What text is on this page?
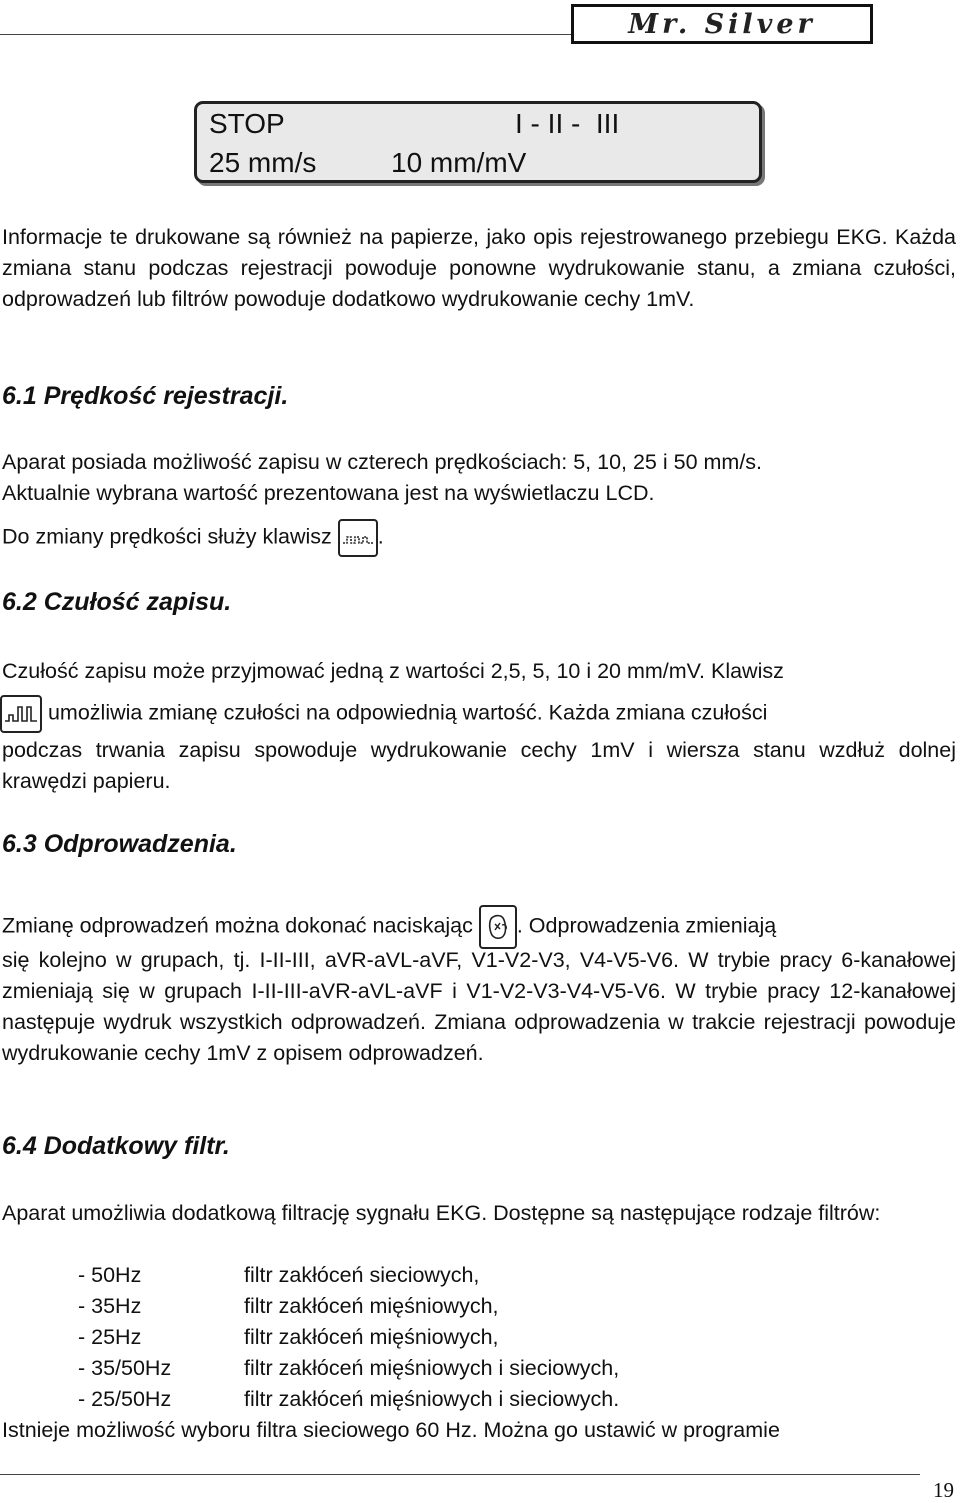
Mr. Silver
STOP	I - II -  III
25 mm/s	10 mm/mV

Informacje te drukowane są również na papierze, jako opis rejestrowanego przebiegu EKG. Każda zmiana stanu podczas rejestracji powoduje ponowne wydrukowanie stanu, a zmiana czułości, odprowadzeń lub filtrów powoduje dodatkowo wydrukowanie cechy 1mV.

6.1 Prędkość rejestracji.
Aparat posiada możliwość zapisu w czterech prędkościach: 5, 10, 25 i 50 mm/s.
Aktualnie wybrana wartość prezentowana jest na wyświetlaczu LCD.
Do zmiany prędkości służy klawisz
.
6.2 Czułość zapisu.
Czułość zapisu może przyjmować jedną z wartości 2,5, 5, 10 i 20 mm/mV. Klawisz
umożliwia zmianę czułości na odpowiednią wartość. Każda zmiana czułości

podczas trwania zapisu spowoduje wydrukowanie cechy 1mV i wiersza stanu wzdłuż dolnej krawędzi papieru.

6.3 Odprowadzenia.
Zmianę odprowadzeń można dokonać naciskając
. Odprowadzenia zmieniają

się kolejno w grupach, tj. I-II-III, aVR-aVL-aVF, V1-V2-V3, V4-V5-V6. W trybie pracy 6-kanałowej zmieniają się w grupach I-II-III-aVR-aVL-aVF i V1-V2-V3-V4-V5-V6. W trybie pracy 12-kanałowej następuje wydruk wszystkich odprowadzeń. Zmiana odprowadzenia w trakcie rejestracji powoduje wydrukowanie cechy 1mV z opisem odprowadzeń.

6.4 Dodatkowy filtr.

Aparat umożliwia dodatkową filtrację sygnału EKG. Dostępne są następujące rodzaje filtrów:

- 50Hz	filtr zakłóceń sieciowych,
- 35Hz	filtr zakłóceń mięśniowych,
- 25Hz	filtr zakłóceń mięśniowych,
- 35/50Hz	filtr zakłóceń mięśniowych i sieciowych,
- 25/50Hz	filtr zakłóceń mięśniowych i sieciowych.
Istnieje możliwość wyboru filtra sieciowego 60 Hz. Można go ustawić w programie
19
